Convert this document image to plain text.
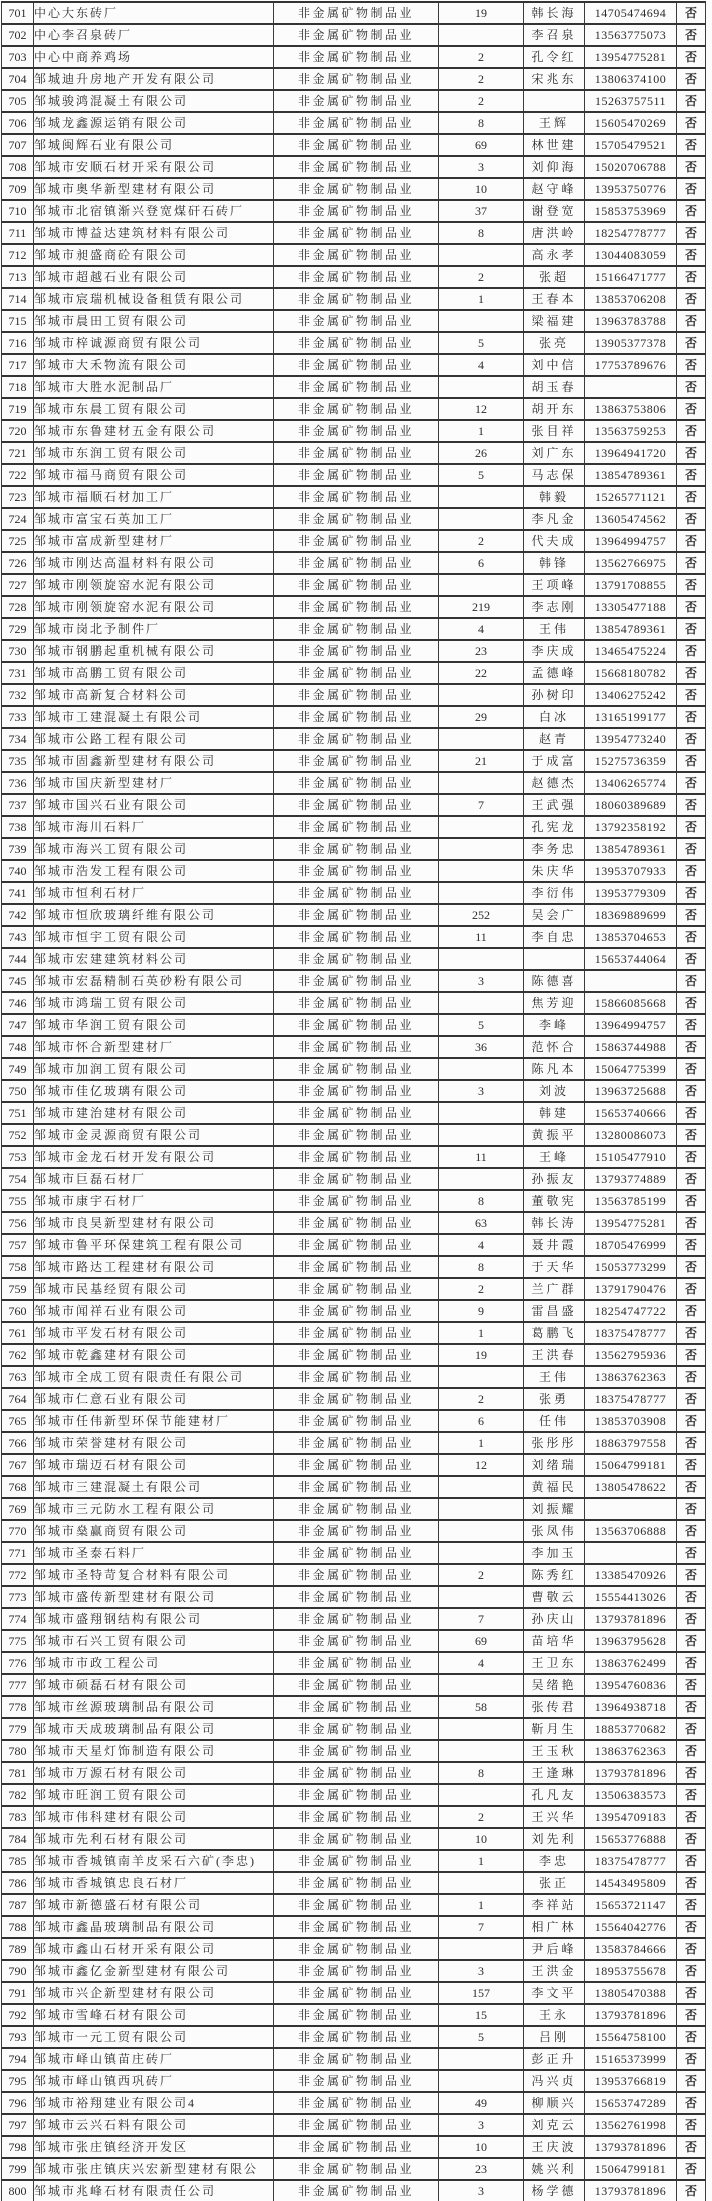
701	中心大东砖厂	非金属矿物制品业	19	韩长海	14705474694	否
702	中心李召泉砖厂	非金属矿物制品业		李召泉	13563775073	否
703	中心中商养鸡场	非金属矿物制品业	2	孔令红	13954775281	否
704	邹城迪升房地产开发有限公司	非金属矿物制品业	2	宋兆东	13806374100	否
705	邹城骏鸿混凝土有限公司	非金属矿物制品业	2		15263757511	否
706	邹城龙鑫源运销有限公司	非金属矿物制品业	8	王辉	15605470269	否
707	邹城闽辉石业有限公司	非金属矿物制品业	69	林世建	15705479521	否
708	邹城市安顺石材开采有限公司	非金属矿物制品业	3	刘仰海	15020706788	否
709	邹城市奥华新型建材有限公司	非金属矿物制品业	10	赵守峰	13953750776	否
710	邹城市北宿镇渐兴登宽煤矸石砖厂	非金属矿物制品业	37	谢登宽	15853753969	否
711	邹城市博益达建筑材料有限公司	非金属矿物制品业	8	唐洪岭	18254778777	否
712	邹城市昶盛商砼有限公司	非金属矿物制品业		高永孝	13044083059	否
713	邹城市超越石业有限公司	非金属矿物制品业	2	张超	15166471777	否
714	邹城市宸瑞机械设备租赁有限公司	非金属矿物制品业	1	王春本	13853706208	否
715	邹城市晨田工贸有限公司	非金属矿物制品业		梁福建	13963783788	否
716	邹城市梓诚源商贸有限公司	非金属矿物制品业	5	张亮	13905377378	否
717	邹城市大禾物流有限公司	非金属矿物制品业	4	刘中信	17753789676	否
718	邹城市大胜水泥制品厂	非金属矿物制品业		胡玉春		否
719	邹城市东晨工贸有限公司	非金属矿物制品业	12	胡开东	13863753806	否
720	邹城市东鲁建材五金有限公司	非金属矿物制品业	1	张目祥	13563759253	否
721	邹城市东润工贸有限公司	非金属矿物制品业	26	刘广东	13964941720	否
722	邹城市福马商贸有限公司	非金属矿物制品业	5	马志保	13854789361	否
723	邹城市福顺石材加工厂	非金属矿物制品业		韩毅	15265771121	否
724	邹城市富宝石英加工厂	非金属矿物制品业		李凡金	13605474562	否
725	邹城市富成新型建材厂	非金属矿物制品业	2	代夫成	13964994757	否
726	邹城市刚达高温材料有限公司	非金属矿物制品业	6	韩锋	13562766975	否
727	邹城市刚领旋窑水泥有限公司	非金属矿物制品业		王项峰	13791708855	否
728	邹城市刚领旋窑水泥有限公司	非金属矿物制品业	219	李志刚	13305477188	否
729	邹城市岗北予制件厂	非金属矿物制品业	4	王伟	13854789361	否
730	邹城市钢鹏起重机械有限公司	非金属矿物制品业	23	李庆成	13465475224	否
731	邹城市高鹏工贸有限公司	非金属矿物制品业	22	孟德峰	15668180782	否
732	邹城市高新复合材料公司	非金属矿物制品业		孙树印	13406275242	否
733	邹城市工建混凝土有限公司	非金属矿物制品业	29	白冰	13165199177	否
734	邹城市公路工程有限公司	非金属矿物制品业		赵青	13954773240	否
735	邹城市固鑫新型建材有限公司	非金属矿物制品业	21	于成富	15275736359	否
736	邹城市国庆新型建材厂	非金属矿物制品业		赵德杰	13406265774	否
737	邹城市国兴石业有限公司	非金属矿物制品业	7	王武强	18060389689	否
738	邹城市海川石料厂	非金属矿物制品业		孔宪龙	13792358192	否
739	邹城市海兴工贸有限公司	非金属矿物制品业		李务忠	13854789361	否
740	邹城市浩发工程有限公司	非金属矿物制品业		朱庆华	13953707933	否
741	邹城市恒利石材厂	非金属矿物制品业		李衍伟	13953779309	否
742	邹城市恒欣玻璃纤维有限公司	非金属矿物制品业	252	吴会广	18369889699	否
743	邹城市恒宇工贸有限公司	非金属矿物制品业	11	李自忠	13853704653	否
744	邹城市宏建建筑材料公司	非金属矿物制品业			15653744064	否
745	邹城市宏磊精制石英砂粉有限公司	非金属矿物制品业	3	陈德喜		否
746	邹城市鸿瑞工贸有限公司	非金属矿物制品业		焦芳迎	15866085668	否
747	邹城市华润工贸有限公司	非金属矿物制品业	5	李峰	13964994757	否
748	邹城市怀合新型建材厂	非金属矿物制品业	36	范怀合	15863744988	否
749	邹城市加润工贸有限公司	非金属矿物制品业		陈凡本	15064775399	否
750	邹城市佳亿玻璃有限公司	非金属矿物制品业	3	刘波	13963725688	否
751	邹城市建治建材有限公司	非金属矿物制品业		韩建	15653740666	否
752	邹城市金灵源商贸有限公司	非金属矿物制品业		黄振平	13280086073	否
753	邹城市金龙石材开发有限公司	非金属矿物制品业	11	王峰	15105477910	否
754	邹城市巨磊石材厂	非金属矿物制品业		孙振友	13793774889	否
755	邹城市康宇石材厂	非金属矿物制品业	8	董敬宪	13563785199	否
756	邹城市良昊新型建材有限公司	非金属矿物制品业	63	韩长涛	13954775281	否
757	邹城市鲁平环保建筑工程有限公司	非金属矿物制品业	4	聂井霞	18705476999	否
758	邹城市路达工程建材有限公司	非金属矿物制品业	8	于天华	15053773299	否
759	邹城市民基经贸有限公司	非金属矿物制品业	2	兰广群	13791790476	否
760	邹城市闻祥石业有限公司	非金属矿物制品业	9	雷昌盛	18254747722	否
761	邹城市平发石材有限公司	非金属矿物制品业	1	葛鹏飞	18375478777	否
762	邹城市乾鑫建材有限公司	非金属矿物制品业	19	王洪春	13562795936	否
763	邹城市全成工贸有限责任有限公司	非金属矿物制品业		王伟	13863762363	否
764	邹城市仁意石业有限公司	非金属矿物制品业	2	张勇	18375478777	否
765	邹城市任伟新型环保节能建材厂	非金属矿物制品业	6	任伟	13853703908	否
766	邹城市荣誉建材有限公司	非金属矿物制品业	1	张彤彤	18863797558	否
767	邹城市瑞迈石材有限公司	非金属矿物制品业	12	刘绪瑞	15064799181	否
768	邹城市三建混凝土有限公司	非金属矿物制品业		黄福民	13805478622	否
769	邹城市三元防水工程有限公司	非金属矿物制品业		刘振耀		否
770	邹城市燊赢商贸有限公司	非金属矿物制品业		张凤伟	13563706888	否
771	邹城市圣泰石料厂	非金属矿物制品业		李加玉		否
772	邹城市圣特苛复合材料有限公司	非金属矿物制品业	2	陈秀红	13385470926	否
773	邹城市盛传新型建材有限公司	非金属矿物制品业		曹敬云	15554413026	否
774	邹城市盛翔钢结构有限公司	非金属矿物制品业	7	孙庆山	13793781896	否
775	邹城市石兴工贸有限公司	非金属矿物制品业	69	苗培华	13963795628	否
776	邹城市市政工程公司	非金属矿物制品业	4	王卫东	13863762499	否
777	邹城市硕磊石材有限公司	非金属矿物制品业		吴绪艳	13954760836	否
778	邹城市丝源玻璃制品有限公司	非金属矿物制品业	58	张传君	13964938718	否
779	邹城市天成玻璃制品有限公司	非金属矿物制品业		靳月生	18853770682	否
780	邹城市天星灯饰制造有限公司	非金属矿物制品业		王玉秋	13863762363	否
781	邹城市万源石材有限公司	非金属矿物制品业	8	王逢琳	13793781896	否
782	邹城市旺润工贸有限公司	非金属矿物制品业		孔凡友	13506383573	否
783	邹城市伟科建材有限公司	非金属矿物制品业	2	王兴华	13954709183	否
784	邹城市先利石材有限公司	非金属矿物制品业	10	刘先利	15653776888	否
785	邹城市香城镇南羊皮采石六矿(李忠)	非金属矿物制品业	1	李忠	18375478777	否
786	邹城市香城镇忠良石材厂	非金属矿物制品业		张正	14543495809	否
787	邹城市新德盛石材有限公司	非金属矿物制品业	1	李祥站	15653721147	否
788	邹城市鑫晶玻璃制品有限公司	非金属矿物制品业	7	相广林	15564042776	否
789	邹城市鑫山石材开采有限公司	非金属矿物制品业		尹后峰	13583784666	否
790	邹城市鑫亿金新型建材有限公司	非金属矿物制品业	3	王洪金	18953755678	否
791	邹城市兴企新型建材有限公司	非金属矿物制品业	157	李文平	13805470388	否
792	邹城市雪峰石材有限公司	非金属矿物制品业	15	王永	13793781896	否
793	邹城市一元工贸有限公司	非金属矿物制品业	5	吕刚	15564758100	否
794	邹城市峄山镇苗庄砖厂	非金属矿物制品业		彭正升	15165373999	否
795	邹城市峄山镇西巩砖厂	非金属矿物制品业		冯兴贞	13953766819	否
796	邹城市裕翔建业有限公司4	非金属矿物制品业	49	柳顺兴	15653747289	否
797	邹城市云兴石料有限公司	非金属矿物制品业	3	刘克云	13562761998	否
798	邹城市张庄镇经济开发区	非金属矿物制品业	10	王庆波	13793781896	否
799	邹城市张庄镇庆兴宏新型建材有限公	非金属矿物制品业	23	姚兴利	15064799181	否
800	邹城市兆峰石材有限责任公司	非金属矿物制品业	3	杨学德	13793781896	否
